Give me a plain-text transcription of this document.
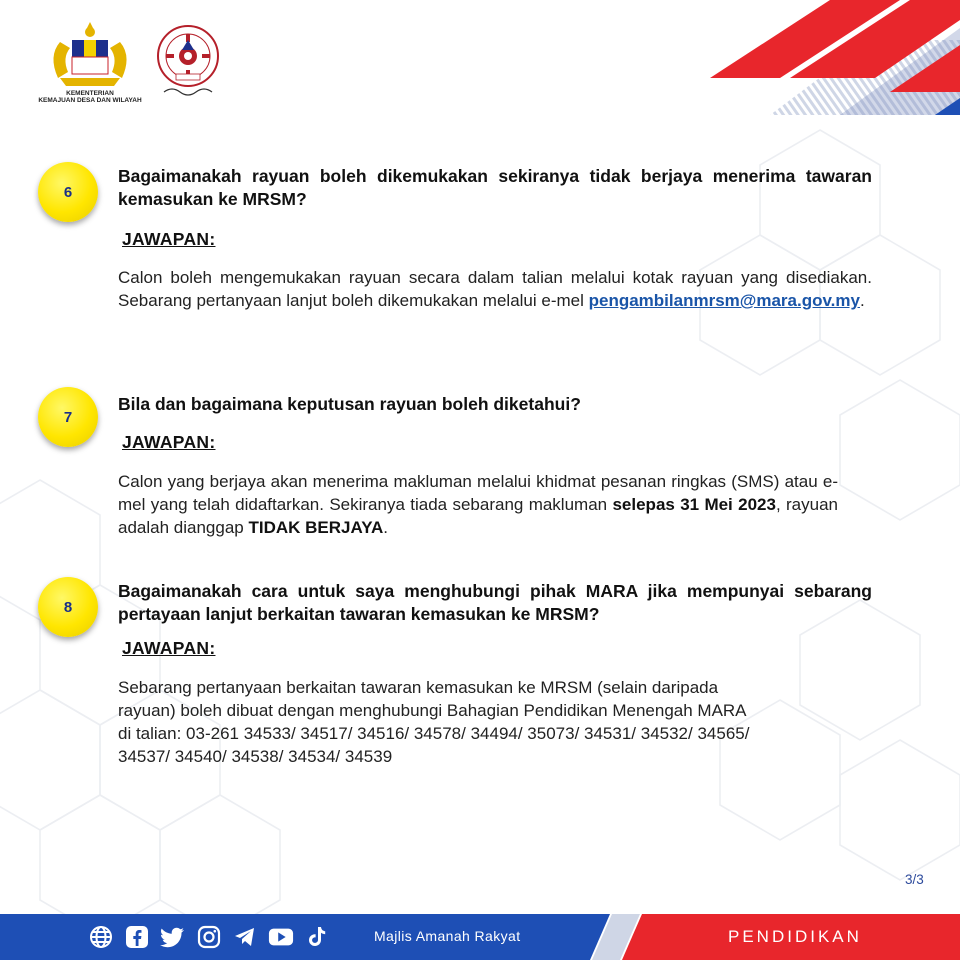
KEMENTERIAN
KEMAJUAN DESA DAN WILAYAH
6
Bagaimanakah rayuan boleh dikemukakan sekiranya tidak berjaya menerima tawaran kemasukan ke MRSM?
JAWAPAN:
Calon boleh mengemukakan rayuan secara dalam talian melalui kotak rayuan yang disediakan. Sebarang pertanyaan lanjut boleh dikemukakan melalui e-mel pengambilanmrsm@mara.gov.my.
7
Bila dan bagaimana keputusan rayuan boleh diketahui?
JAWAPAN:
Calon yang berjaya akan menerima makluman melalui khidmat pesanan ringkas (SMS) atau e-mel yang telah didaftarkan. Sekiranya tiada sebarang makluman selepas 31 Mei 2023, rayuan adalah dianggap TIDAK BERJAYA.
8
Bagaimanakah cara untuk saya menghubungi pihak MARA jika mempunyai sebarang pertayaan lanjut berkaitan tawaran kemasukan ke MRSM?
JAWAPAN:
Sebarang pertanyaan berkaitan tawaran kemasukan ke MRSM (selain daripada
rayuan) boleh dibuat dengan menghubungi Bahagian Pendidikan Menengah MARA
di talian: 03-261 34533/ 34517/ 34516/ 34578/ 34494/ 35073/ 34531/ 34532/ 34565/
34537/ 34540/ 34538/ 34534/ 34539
3/3
Majlis Amanah Rakyat	PENDIDIKAN
